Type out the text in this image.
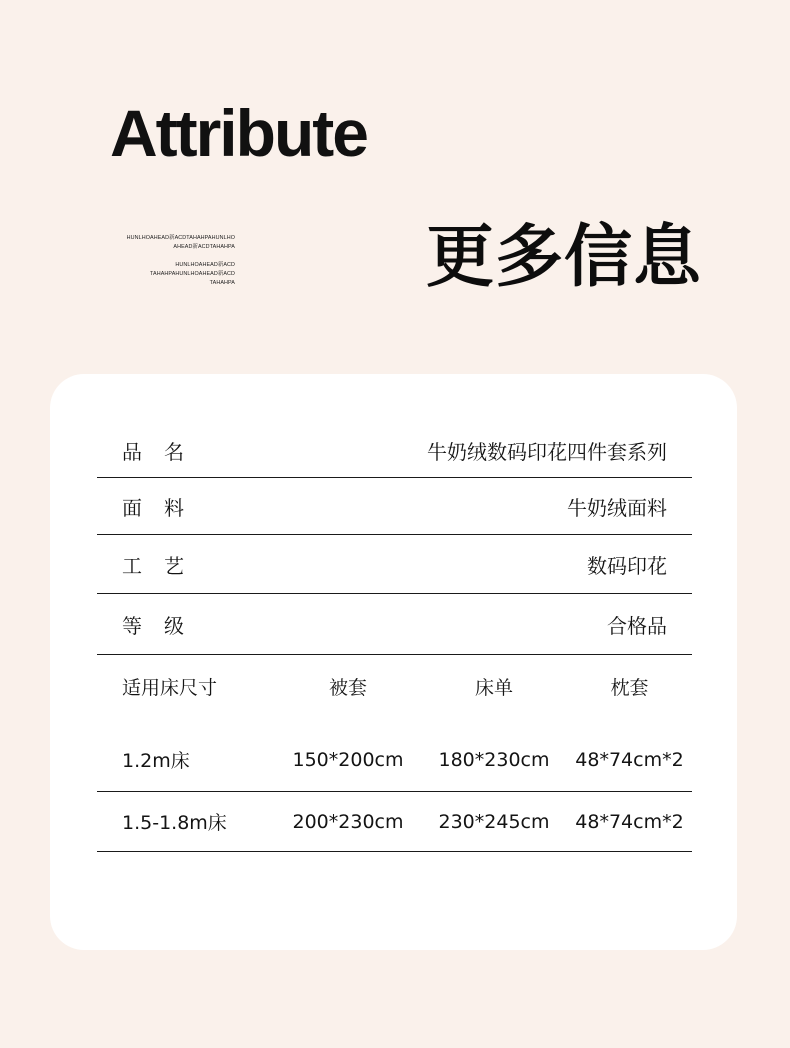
Attribute
HUNLHOAHEAD新ACDTAHAHPAHUNLHO
AHEAD新ACDTAHAHPA
HUNLHOAHEAD新ACD
TAHAHPAHUNLHOAHEAD新ACD
TAHAHPA	更多信息
品名	牛奶绒数码印花四件套系列
面料	牛奶绒面料
工艺	数码印花
等级	合格品
适用床尺寸	被套	床单	枕套
1.2m床	150*200cm	180*230cm	48*74cm*2
1.5-1.8m床	200*230cm	230*245cm	48*74cm*2
